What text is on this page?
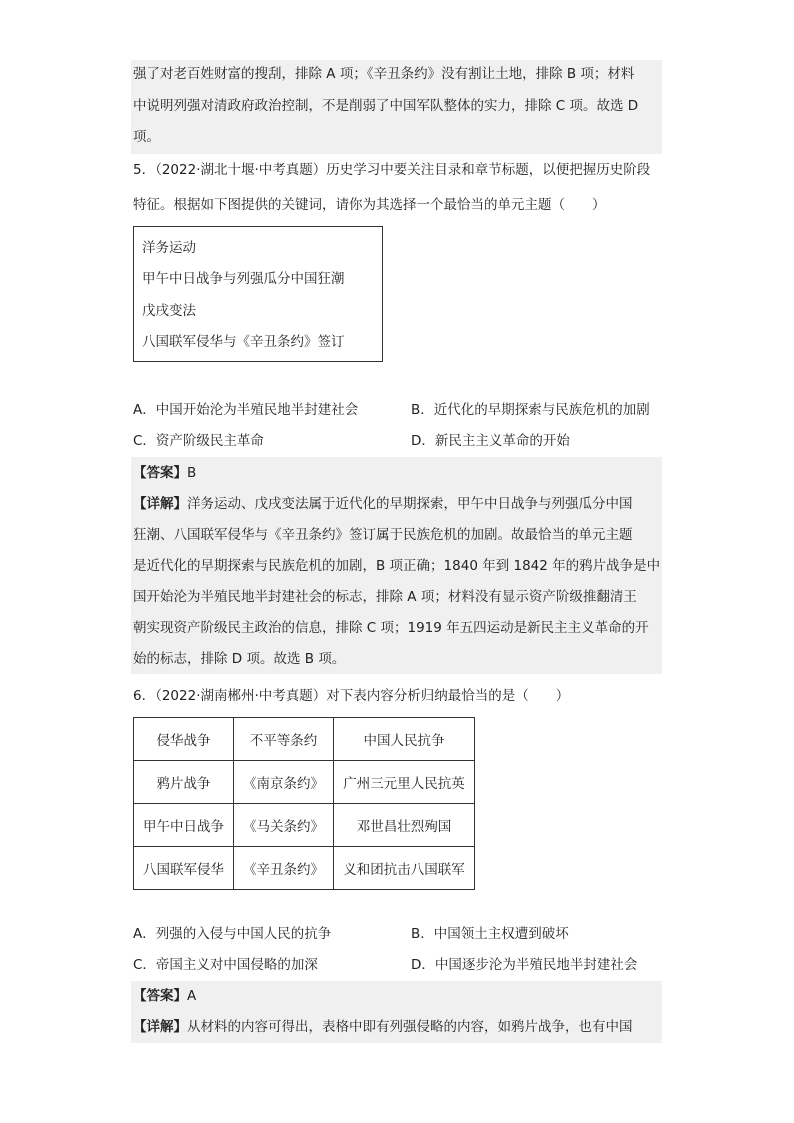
强了对老百姓财富的搜刮，排除 A 项；《辛丑条约》没有割让土地，排除 B 项；材料
中说明列强对清政府政治控制，不是削弱了中国军队整体的实力，排除 C 项。故选 D
项。
5．（2022·湖北十堰·中考真题）历史学习中要关注目录和章节标题，以便把握历史阶段
特征。根据如下图提供的关键词，请你为其选择一个最恰当的单元主题（　　）
洋务运动
甲午中日战争与列强瓜分中国狂潮
戊戌变法
八国联军侵华与《辛丑条约》签订
A．中国开始沦为半殖民地半封建社会	B．近代化的早期探索与民族危机的加剧
C．资产阶级民主革命	D．新民主主义革命的开始
【答案】B
【详解】洋务运动、戊戌变法属于近代化的早期探索，甲午中日战争与列强瓜分中国
狂潮、八国联军侵华与《辛丑条约》签订属于民族危机的加剧。故最恰当的单元主题
是近代化的早期探索与民族危机的加剧，B 项正确；1840 年到 1842 年的鸦片战争是中
国开始沦为半殖民地半封建社会的标志，排除 A 项；材料没有显示资产阶级推翻清王
朝实现资产阶级民主政治的信息，排除 C 项；1919 年五四运动是新民主主义革命的开
始的标志，排除 D 项。故选 B 项。
6．（2022·湖南郴州·中考真题）对下表内容分析归纳最恰当的是（　　）
侵华战争	不平等条约	中国人民抗争
鸦片战争	《南京条约》	广州三元里人民抗英
甲午中日战争	《马关条约》	邓世昌壮烈殉国
八国联军侵华	《辛丑条约》	义和团抗击八国联军
A．列强的入侵与中国人民的抗争	B．中国领土主权遭到破坏
C．帝国主义对中国侵略的加深	D．中国逐步沦为半殖民地半封建社会
【答案】A
【详解】从材料的内容可得出，表格中即有列强侵略的内容，如鸦片战争，也有中国
